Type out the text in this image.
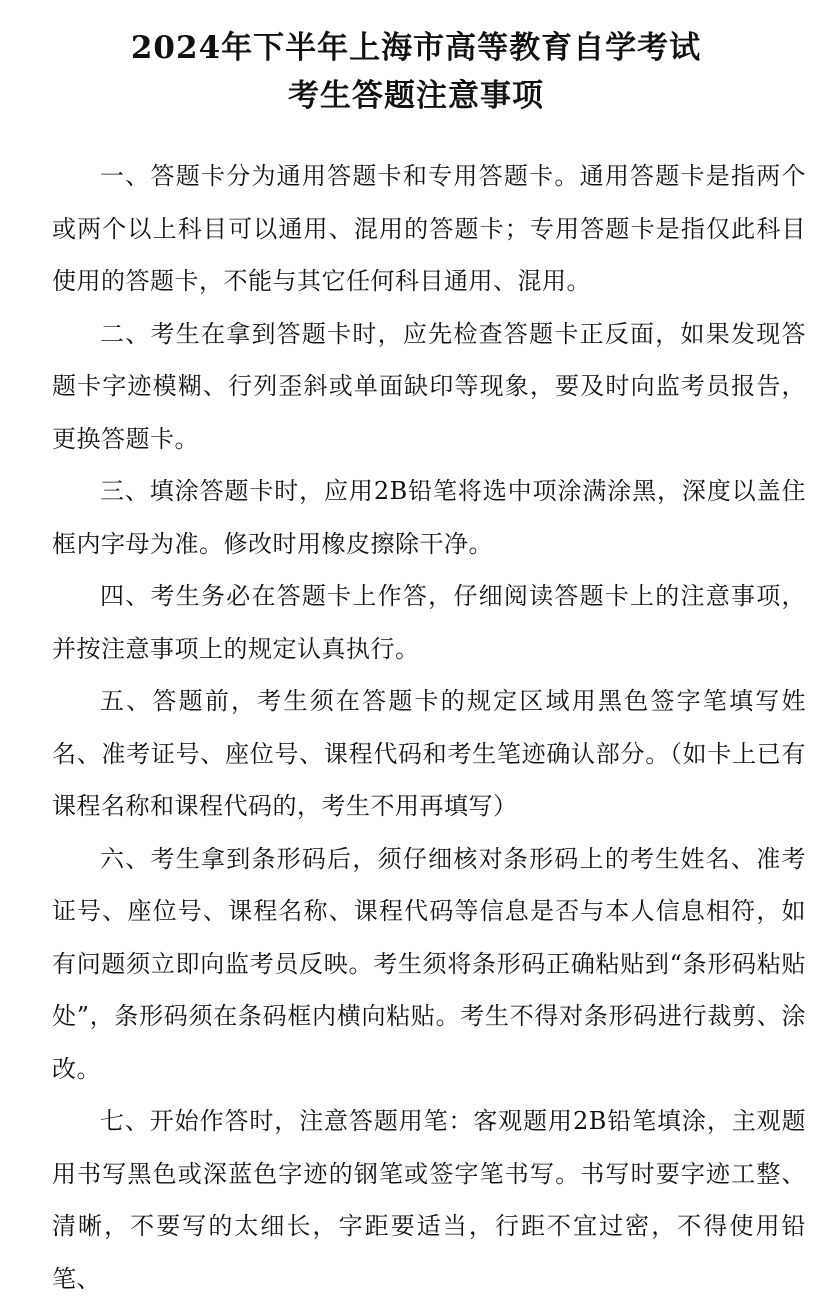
2024年下半年上海市高等教育自学考试
考生答题注意事项

一、答题卡分为通用答题卡和专用答题卡。通用答题卡是指两个或两个以上科目可以通用、混用的答题卡；专用答题卡是指仅此科目使用的答题卡，不能与其它任何科目通用、混用。

二、考生在拿到答题卡时，应先检查答题卡正反面，如果发现答题卡字迹模糊、行列歪斜或单面缺印等现象，要及时向监考员报告，更换答题卡。

三、填涂答题卡时，应用2B铅笔将选中项涂满涂黑，深度以盖住框内字母为准。修改时用橡皮擦除干净。

四、考生务必在答题卡上作答，仔细阅读答题卡上的注意事项，并按注意事项上的规定认真执行。

五、答题前，考生须在答题卡的规定区域用黑色签字笔填写姓名、准考证号、座位号、课程代码和考生笔迹确认部分。（如卡上已有课程名称和课程代码的，考生不用再填写）

六、考生拿到条形码后，须仔细核对条形码上的考生姓名、准考证号、座位号、课程名称、课程代码等信息是否与本人信息相符，如有问题须立即向监考员反映。考生须将条形码正确粘贴到“条形码粘贴处”，条形码须在条码框内横向粘贴。考生不得对条形码进行裁剪、涂改。

七、开始作答时，注意答题用笔：客观题用2B铅笔填涂，主观题用书写黑色或深蓝色字迹的钢笔或签字笔书写。书写时要字迹工整、清晰，不要写的太细长，字距要适当，行距不宜过密，不得使用铅笔、
